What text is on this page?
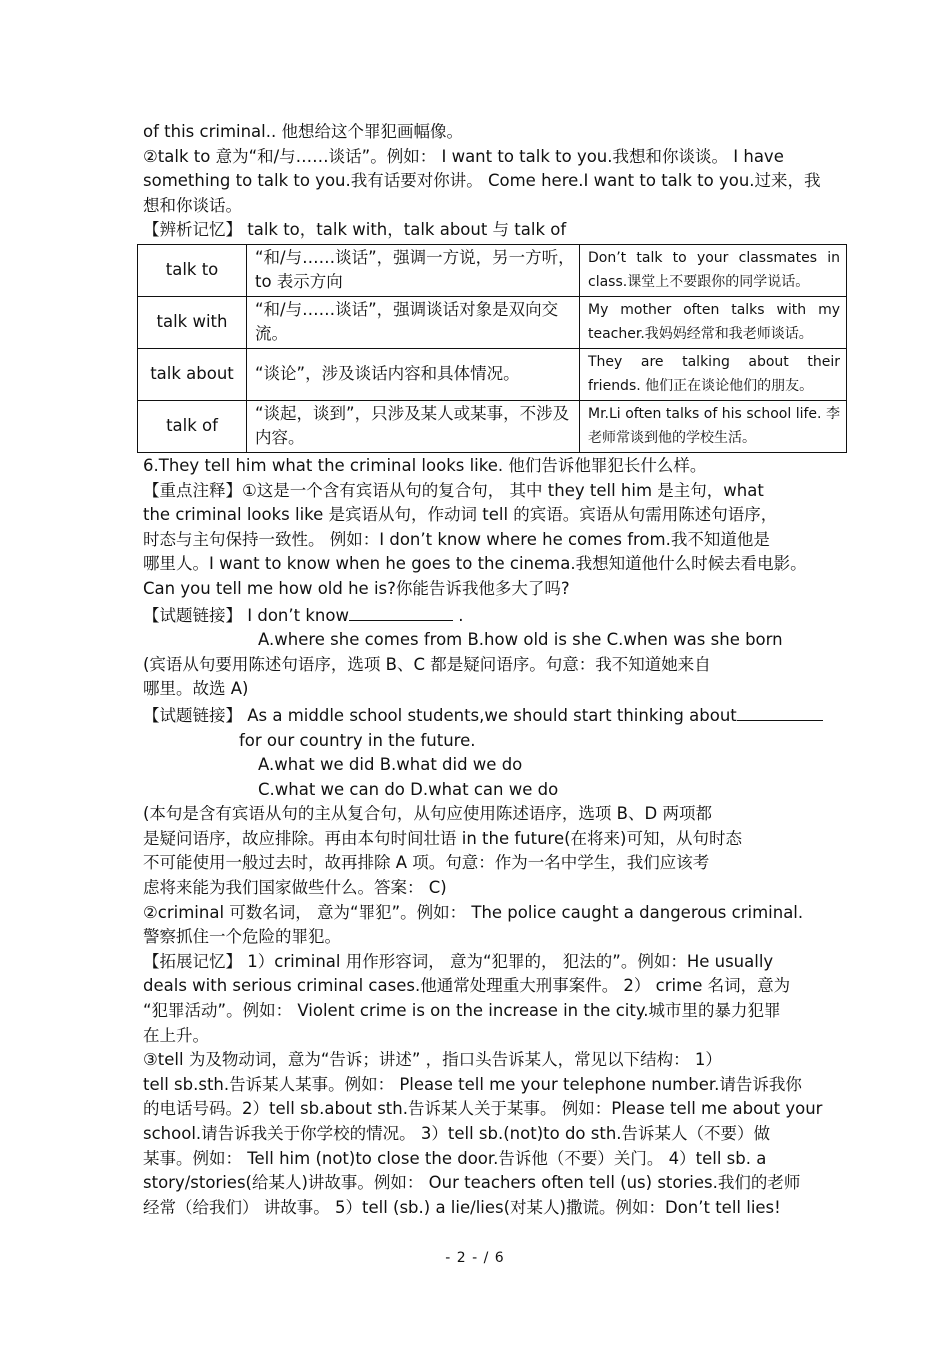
of this criminal.. 他想给这个罪犯画幅像。

②talk to 意为“和/与……谈话”。例如： I want to talk to you.我想和你谈谈。 I have

something to talk to you.我有话要对你讲。 Come here.I want to talk to you.过来，我

想和你谈话。

【辨析记忆】 talk to，talk with，talk about 与 talk of

talk to	“和/与……谈话”，强调一方说，另一方听， to 表示方向	Don’t talk to your classmates in class.课堂上不要跟你的同学说话。
talk with	“和/与……谈话”，强调谈话对象是双向交流。	My mother often talks with my teacher.我妈妈经常和我老师谈话。
talk about	“谈论”，涉及谈话内容和具体情况。	They are talking about their friends. 他们正在谈论他们的朋友。
talk of	“谈起，谈到”，只涉及某人或某事，不涉及内容。	Mr.Li often talks of his school life. 李老师常谈到他的学校生活。

6.They tell him what the criminal looks like. 他们告诉他罪犯长什么样。

【重点注释】①这是一个含有宾语从句的复合句， 其中 they tell him 是主句，what

the criminal looks like 是宾语从句，作动词 tell 的宾语。宾语从句需用陈述句语序，

时态与主句保持一致性。 例如：I don’t know where he comes from.我不知道他是

哪里人。I want to know when he goes to the cinema.我想知道他什么时候去看电影。

Can you tell me how old he is?你能告诉我他多大了吗?

【试题链接】 I don’t know	.

A.where she comes from B.how old is she C.when was she born

(宾语从句要用陈述句语序，选项 B、C 都是疑问语序。句意：我不知道她来自

哪里。故选 A)

【试题链接】 As a middle school students,we should start thinking about

for our country in the future.

A.what we did B.what did we do

C.what we can do D.what can we do

(本句是含有宾语从句的主从复合句，从句应使用陈述语序，选项 B、D 两项都

是疑问语序，故应排除。再由本句时间壮语 in the future(在将来)可知，从句时态

不可能使用一般过去时，故再排除 A 项。句意：作为一名中学生，我们应该考

虑将来能为我们国家做些什么。答案： C)

②criminal 可数名词， 意为“罪犯”。例如： The police caught a dangerous criminal.

警察抓住一个危险的罪犯。

【拓展记忆】 1）criminal 用作形容词， 意为“犯罪的， 犯法的”。例如：He usually

deals with serious criminal cases.他通常处理重大刑事案件。 2） crime 名词，意为

“犯罪活动”。例如： Violent crime is on the increase in the city.城市里的暴力犯罪

在上升。

③tell 为及物动词，意为“告诉；讲述” ，指口头告诉某人，常见以下结构： 1）

tell sb.sth.告诉某人某事。例如： Please tell me your telephone number.请告诉我你

的电话号码。2）tell sb.about sth.告诉某人关于某事。 例如：Please tell me about your

school.请告诉我关于你学校的情况。 3）tell sb.(not)to do sth.告诉某人（不要）做

某事。例如： Tell him (not)to close the door.告诉他（不要）关门。 4）tell sb. a

story/stories(给某人)讲故事。例如： Our teachers often tell (us) stories.我们的老师

经常（给我们） 讲故事。 5）tell (sb.) a lie/lies(对某人)撒谎。例如：Don’t tell lies!

- 2 - / 6
